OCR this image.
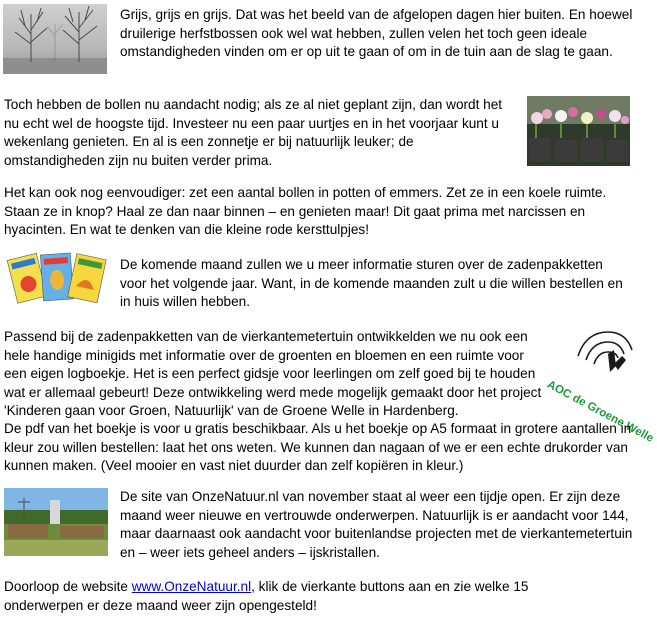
AOC de Groene Welle

Grijs, grijs en grijs. Dat was het beeld van de afgelopen dagen hier buiten. En hoewel druilerige herfstbossen ook wel wat hebben, zullen velen het toch geen ideale omstandigheden vinden om er op uit te gaan of om in de tuin aan de slag te gaan.

Toch hebben de bollen nu aandacht nodig; als ze al niet geplant zijn, dan wordt het nu echt wel de hoogste tijd. Investeer nu een paar uurtjes en in het voorjaar kunt u wekenlang genieten. En al is een zonnetje er bij natuurlijk leuker; de omstandigheden zijn nu buiten verder prima.

Het kan ook nog eenvoudiger: zet een aantal bollen in potten of emmers. Zet ze in een koele ruimte. Staan ze in knop? Haal ze dan naar binnen – en genieten maar! Dit gaat prima met narcissen en hyacinten. En wat te denken van die kleine rode kersttulpjes!

De komende maand zullen we u meer informatie sturen over de zadenpakketten voor het volgende jaar. Want, in de komende maanden zult u die willen bestellen en in huis willen hebben.

Passend bij de zadenpakketten van de vierkantemetertuin ontwikkelden we nu ook een hele handige minigids met informatie over de groenten en bloemen en een ruimte voor een eigen logboekje. Het is een perfect gidsje voor leerlingen om zelf goed bij te houden wat er allemaal gebeurt! Deze ontwikkeling werd mede mogelijk gemaakt door het project 'Kinderen gaan voor Groen, Natuurlijk' van de Groene Welle in Hardenberg.

De pdf van het boekje is voor u gratis beschikbaar. Als u het boekje op A5 formaat in grotere aantallen in kleur zou willen bestellen: laat het ons weten. We kunnen dan nagaan of we er een echte drukorder van kunnen maken. (Veel mooier en vast niet duurder dan zelf kopiëren in kleur.)

De site van OnzeNatuur.nl van november staat al weer een tijdje open. Er zijn deze maand weer nieuwe en vertrouwde onderwerpen. Natuurlijk is er aandacht voor 144, maar daarnaast ook aandacht voor buitenlandse projecten met de vierkantemetertuin en – weer iets geheel anders – ijskristallen.

Doorloop de website www.OnzeNatuur.nl, klik de vierkante buttons aan en zie welke 15 onderwerpen er deze maand weer zijn opengesteld!
